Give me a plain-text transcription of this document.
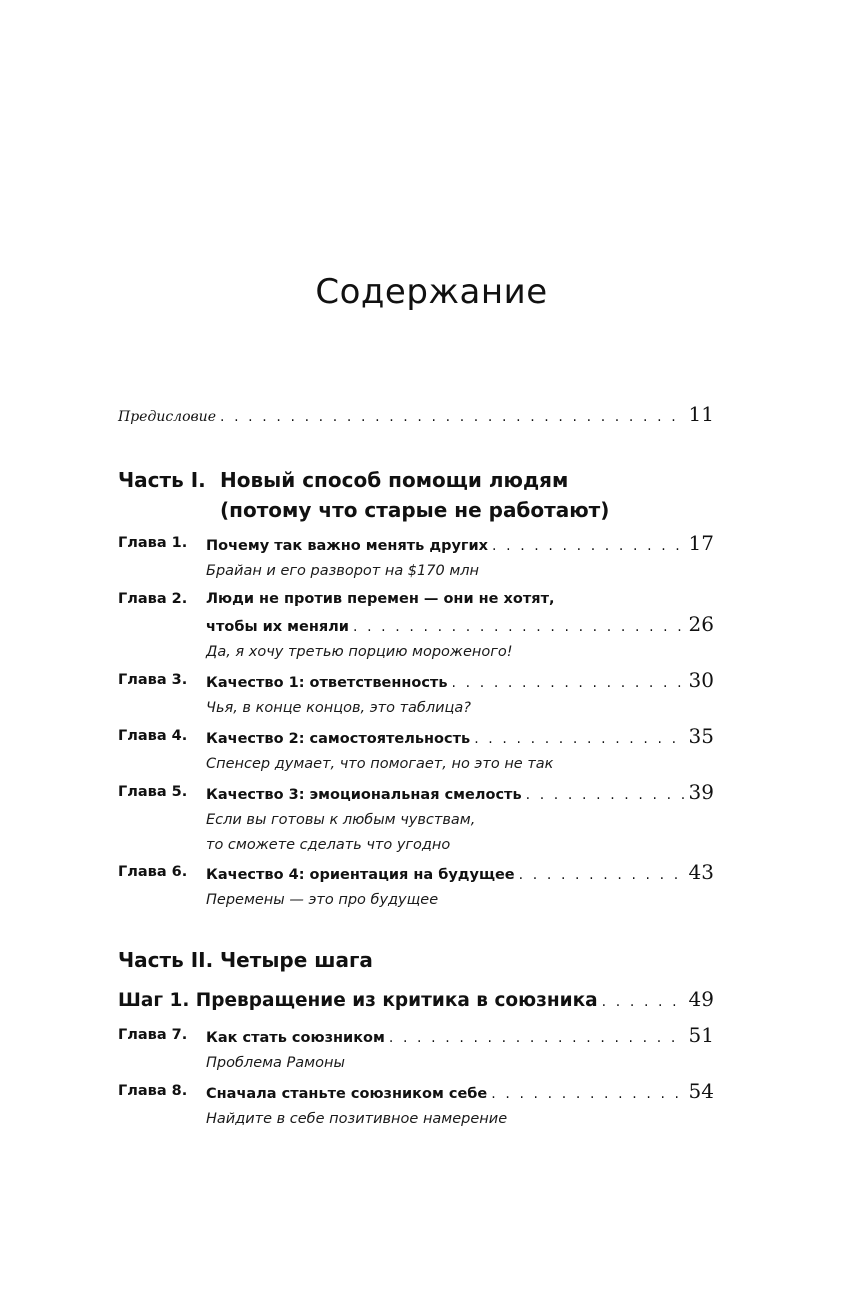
Содержание
Предисловие . . .	11
Часть I. Новый способ помощи людям
(потому что старые не работают)
Глава 1.	Почему так важно менять других . . .	17
Брайан и его разворот на $170 млн
Глава 2.	Люди не против перемен — они не хотят,
чтобы их меняли . . .	26
Да, я хочу третью порцию мороженого!
Глава 3.	Качество 1: ответственность . . .	30
Чья, в конце концов, это таблица?
Глава 4.	Качество 2: самостоятельность . . .	35
Спенсер думает, что помогает, но это не так
Глава 5.	Качество 3: эмоциональная смелость . . .	39
Если вы готовы к любым чувствам,
то сможете сделать что угодно
Глава 6.	Качество 4: ориентация на будущее . . .	43
Перемены — это про будущее
Часть II. Четыре шага
Шаг 1. Превращение из критика в союзника . . .	49
Глава 7.	Как стать союзником . . .	51
Проблема Рамоны
Глава 8.	Сначала станьте союзником себе . . .	54
Найдите в себе позитивное намерение
